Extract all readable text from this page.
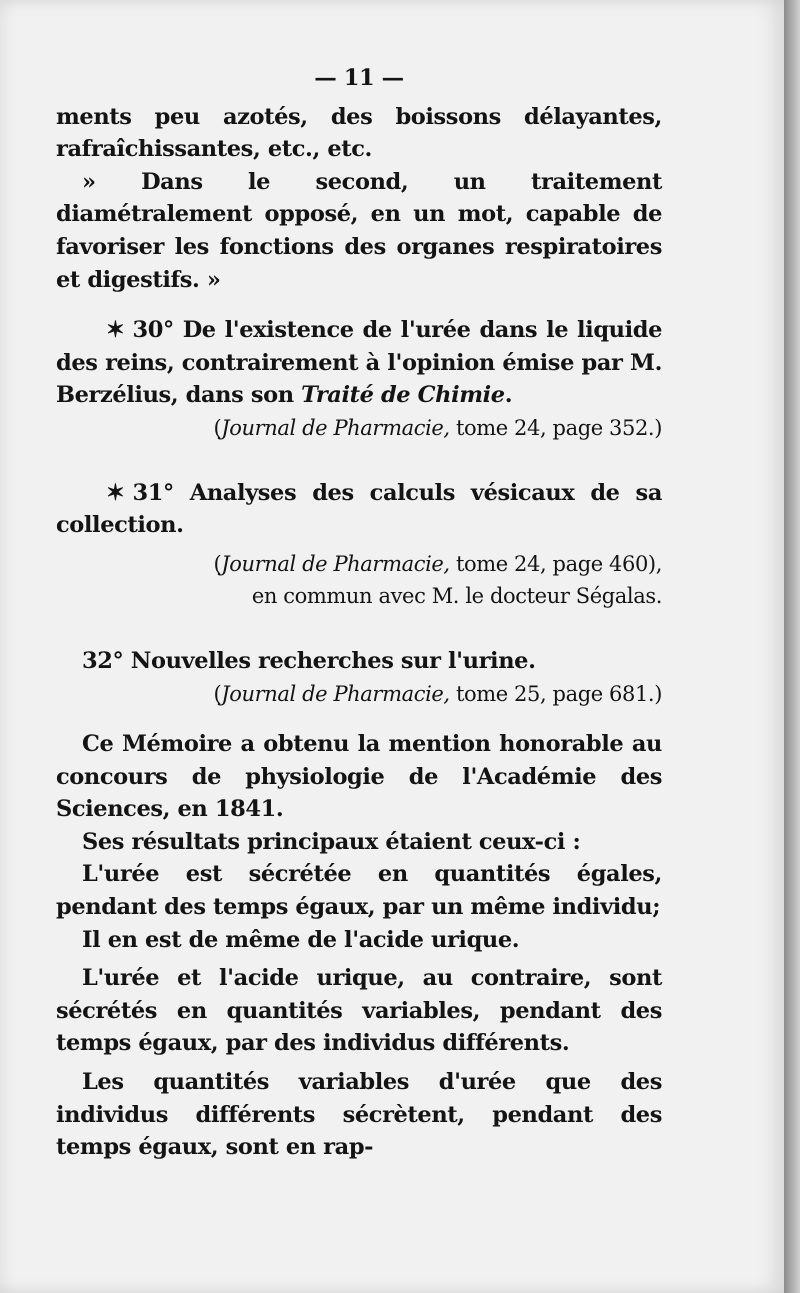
— 11 —

ments peu azotés, des boissons délayantes, rafraîchissantes, etc., etc.

» Dans le second, un traitement diamétralement opposé, en un mot, capable de favoriser les fonctions des organes respiratoires et digestifs. »

✶ 30° De l'existence de l'urée dans le liquide des reins, contrairement à l'opinion émise par M. Berzélius, dans son Traité de Chimie.

(Journal de Pharmacie, tome 24, page 352.)

✶ 31° Analyses des calculs vésicaux de sa collection.

(Journal de Pharmacie, tome 24, page 460),
en commun avec M. le docteur Ségalas.

32° Nouvelles recherches sur l'urine.

(Journal de Pharmacie, tome 25, page 681.)

Ce Mémoire a obtenu la mention honorable au concours de physiologie de l'Académie des Sciences, en 1841.

Ses résultats principaux étaient ceux-ci :

L'urée est sécrétée en quantités égales, pendant des temps égaux, par un même individu;

Il en est de même de l'acide urique.

L'urée et l'acide urique, au contraire, sont sécrétés en quantités variables, pendant des temps égaux, par des individus différents.

Les quantités variables d'urée que des individus différents sécrètent, pendant des temps égaux, sont en rap-
